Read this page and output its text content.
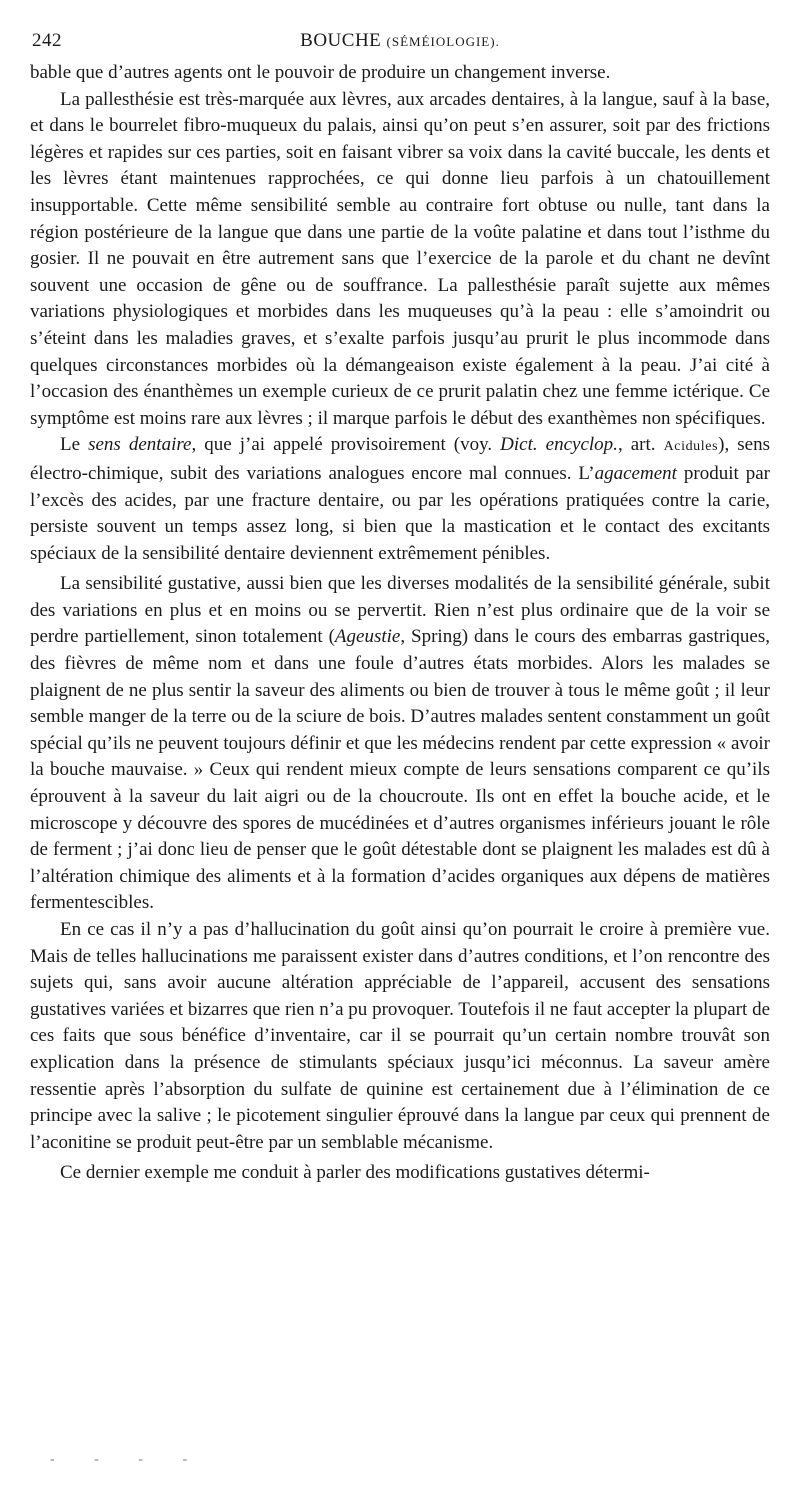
242	BOUCHE (SÉMÉIOLOGIE).

bable que d’autres agents ont le pouvoir de produire un changement inverse.

La pallesthésie est très-marquée aux lèvres, aux arcades dentaires, à la langue, sauf à la base, et dans le bourrelet fibro-muqueux du palais, ainsi qu’on peut s’en assurer, soit par des frictions légères et rapides sur ces parties, soit en faisant vibrer sa voix dans la cavité buccale, les dents et les lèvres étant maintenues rapprochées, ce qui donne lieu parfois à un chatouillement insupportable. Cette même sensibilité semble au contraire fort obtuse ou nulle, tant dans la région postérieure de la langue que dans une partie de la voûte palatine et dans tout l’isthme du gosier. Il ne pouvait en être autrement sans que l’exercice de la parole et du chant ne devînt souvent une occasion de gêne ou de souffrance. La pallesthésie paraît sujette aux mêmes variations physiologiques et morbides dans les muqueuses qu’à la peau : elle s’amoindrit ou s’éteint dans les maladies graves, et s’exalte parfois jusqu’au prurit le plus incommode dans quelques circonstances morbides où la démangeaison existe également à la peau. J’ai cité à l’occasion des énanthèmes un exemple curieux de ce prurit palatin chez une femme ictérique. Ce symptôme est moins rare aux lèvres ; il marque parfois le début des exanthèmes non spécifiques.

Le sens dentaire, que j’ai appelé provisoirement (voy. Dict. encyclop., art. Acidules), sens électro-chimique, subit des variations analogues encore mal connues. L’agacement produit par l’excès des acides, par une fracture dentaire, ou par les opérations pratiquées contre la carie, persiste souvent un temps assez long, si bien que la mastication et le contact des excitants spéciaux de la sensibilité dentaire deviennent extrêmement pénibles.

La sensibilité gustative, aussi bien que les diverses modalités de la sensibilité générale, subit des variations en plus et en moins ou se pervertit. Rien n’est plus ordinaire que de la voir se perdre partiellement, sinon totalement (Ageustie, Spring) dans le cours des embarras gastriques, des fièvres de même nom et dans une foule d’autres états morbides. Alors les malades se plaignent de ne plus sentir la saveur des aliments ou bien de trouver à tous le même goût ; il leur semble manger de la terre ou de la sciure de bois. D’autres malades sentent constamment un goût spécial qu’ils ne peuvent toujours définir et que les médecins rendent par cette expression « avoir la bouche mauvaise. » Ceux qui rendent mieux compte de leurs sensations comparent ce qu’ils éprouvent à la saveur du lait aigri ou de la choucroute. Ils ont en effet la bouche acide, et le microscope y découvre des spores de mucédinées et d’autres organismes inférieurs jouant le rôle de ferment ; j’ai donc lieu de penser que le goût détestable dont se plaignent les malades est dû à l’altération chimique des aliments et à la formation d’acides organiques aux dépens de matières fermentescibles.

En ce cas il n’y a pas d’hallucination du goût ainsi qu’on pourrait le croire à première vue. Mais de telles hallucinations me paraissent exister dans d’autres conditions, et l’on rencontre des sujets qui, sans avoir aucune altération appréciable de l’appareil, accusent des sensations gustatives variées et bizarres que rien n’a pu provoquer. Toutefois il ne faut accepter la plupart de ces faits que sous bénéfice d’inventaire, car il se pourrait qu’un certain nombre trouvât son explication dans la présence de stimulants spéciaux jusqu’ici méconnus. La saveur amère ressentie après l’absorption du sulfate de quinine est certainement due à l’élimination de ce principe avec la salive ; le picotement singulier éprouvé dans la langue par ceux qui prennent de l’aconitine se produit peut-être par un semblable mécanisme.

Ce dernier exemple me conduit à parler des modifications gustatives détermi-

- - - -
